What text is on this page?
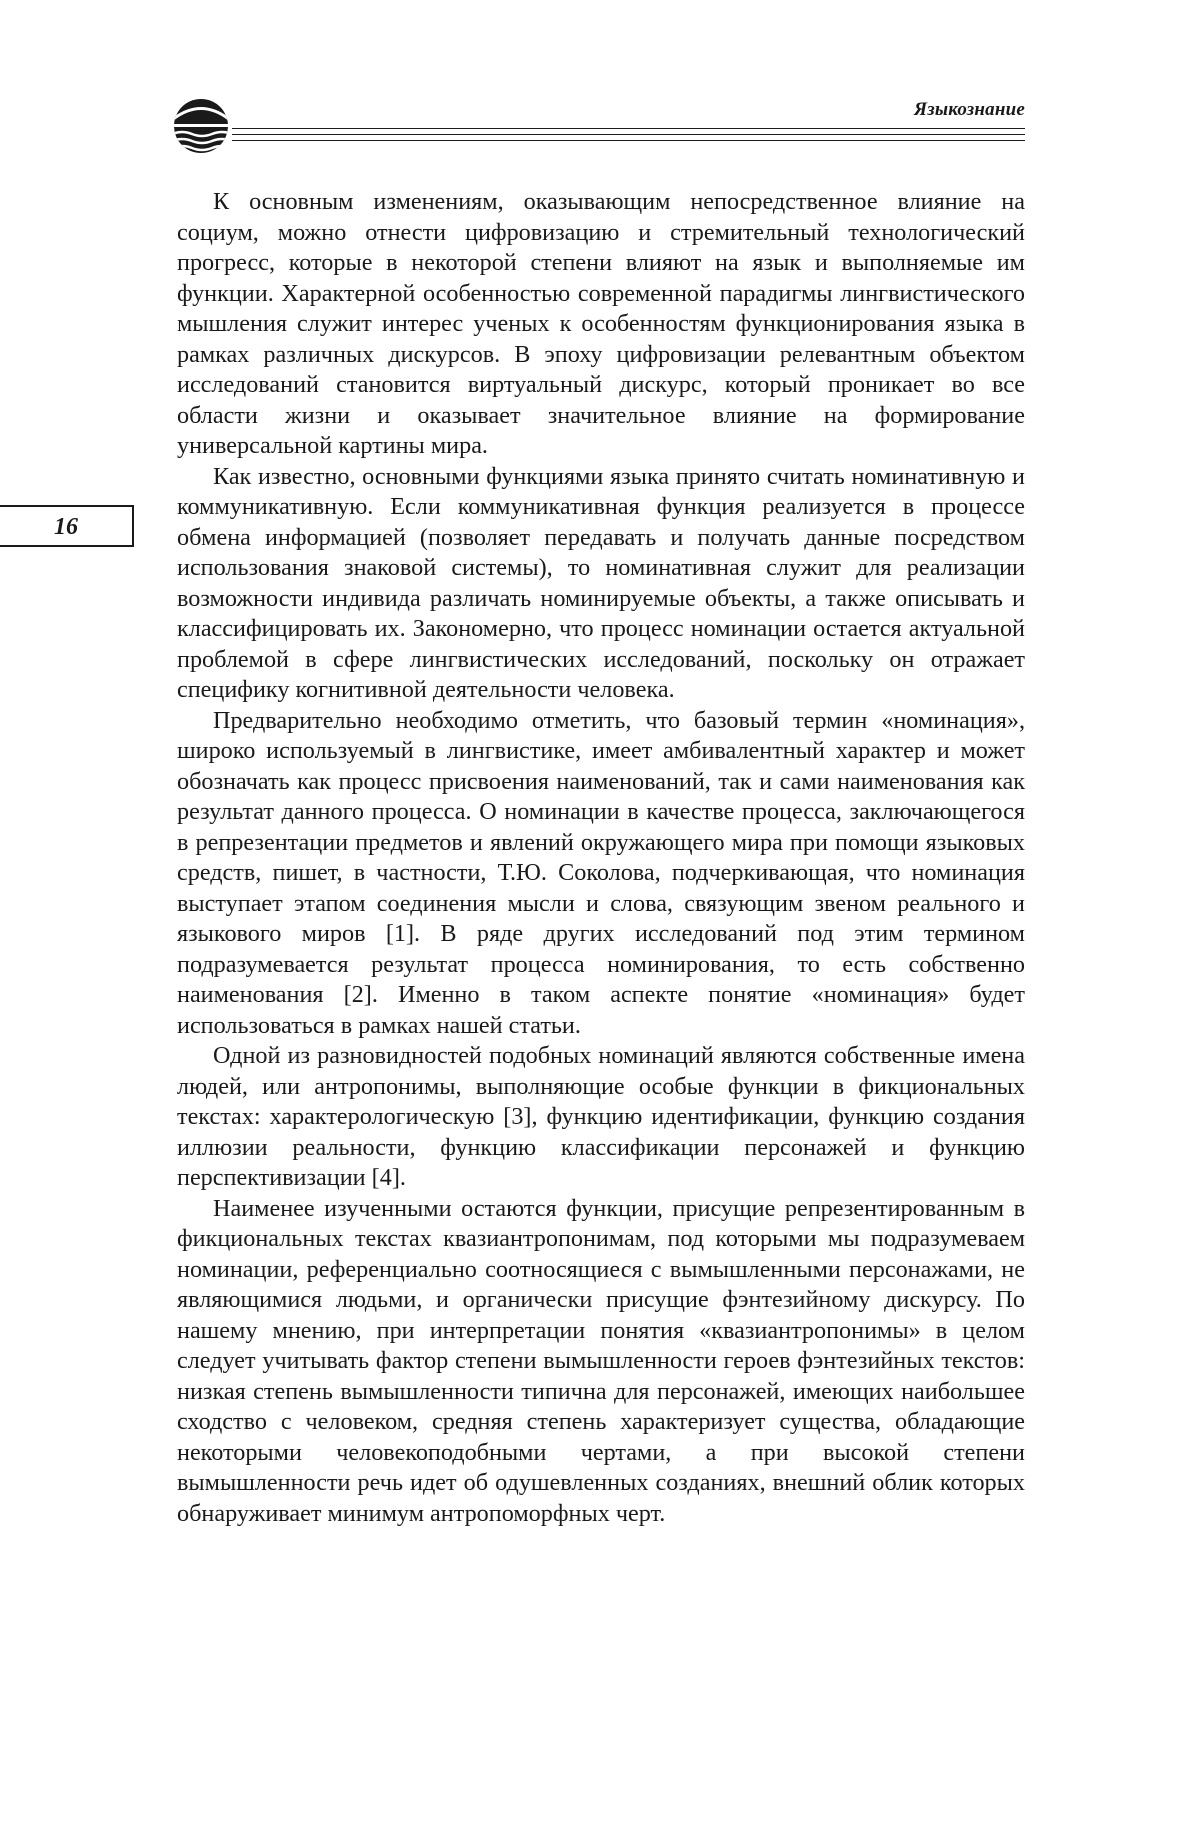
Языкознание
16

К основным изменениям, оказывающим непосредственное влияние на социум, можно отнести цифровизацию и стремительный технологический прогресс, которые в некоторой степени влияют на язык и выполняемые им функции. Характерной особенностью современной парадигмы лингвистического мышления служит интерес ученых к особенностям функционирования языка в рамках различных дискурсов. В эпоху цифровизации релевантным объектом исследований становится виртуальный дискурс, который проникает во все области жизни и оказывает значительное влияние на формирование универсальной картины мира.

Как известно, основными функциями языка принято считать номинативную и коммуникативную. Если коммуникативная функция реализуется в процессе обмена информацией (позволяет передавать и получать данные посредством использования знаковой системы), то номинативная служит для реализации возможности индивида различать номинируемые объекты, а также описывать и классифицировать их. Закономерно, что процесс номинации остается актуальной проблемой в сфере лингвистических исследований, поскольку он отражает специфику когнитивной деятельности человека.

Предварительно необходимо отметить, что базовый термин «номинация», широко используемый в лингвистике, имеет амбивалентный характер и может обозначать как процесс присвоения наименований, так и сами наименования как результат данного процесса. О номинации в качестве процесса, заключающегося в репрезентации предметов и явлений окружающего мира при помощи языковых средств, пишет, в частности, Т.Ю. Соколова, подчеркивающая, что номинация выступает этапом соединения мысли и слова, связующим звеном реального и языкового миров [1]. В ряде других исследований под этим термином подразумевается результат процесса номинирования, то есть собственно наименования [2]. Именно в таком аспекте понятие «номинация» будет использоваться в рамках нашей статьи.

Одной из разновидностей подобных номинаций являются собственные имена людей, или антропонимы, выполняющие особые функции в фикциональных текстах: характерологическую [3], функцию идентификации, функцию создания иллюзии реальности, функцию классификации персонажей и функцию перспективизации [4].

Наименее изученными остаются функции, присущие репрезентированным в фикциональных текстах квазиантропонимам, под которыми мы подразумеваем номинации, референциально соотносящиеся с вымышленными персонажами, не являющимися людьми, и органически присущие фэнтезийному дискурсу. По нашему мнению, при интерпретации понятия «квазиантропонимы» в целом следует учитывать фактор степени вымышленности героев фэнтезийных текстов: низкая степень вымышленности типична для персонажей, имеющих наибольшее сходство с человеком, средняя степень характеризует существа, обладающие некоторыми человекоподобными чертами, а при высокой степени вымышленности речь идет об одушевленных созданиях, внешний облик которых обнаруживает минимум антропоморфных черт.
